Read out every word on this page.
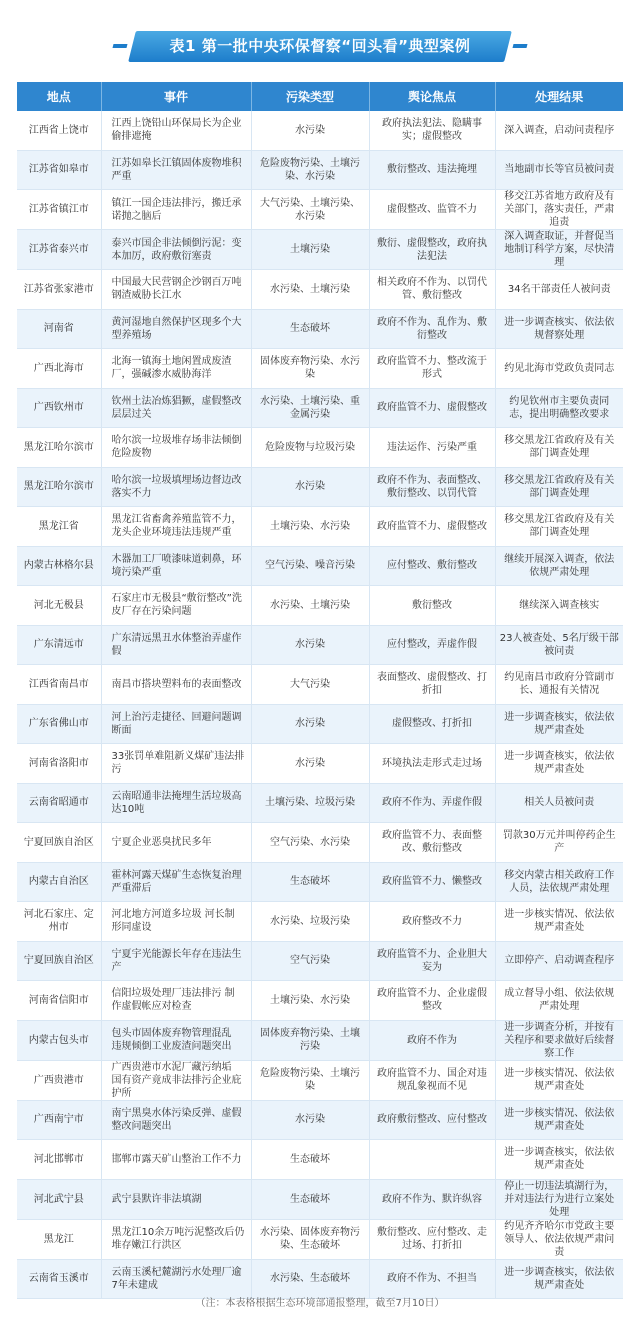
表1 第一批中央环保督察“回头看”典型案例
地点	事件	污染类型	舆论焦点	处理结果
江西省上饶市	江西上饶铅山环保局长为企业偷排遮掩	水污染	政府执法犯法、隐瞒事实；虚假整改	深入调查，启动问责程序
江苏省如皋市	江苏如皋长江镇固体废物堆积严重	危险废物污染、土壤污染、水污染	敷衍整改、违法掩埋	当地副市长等官员被问责
江苏省镇江市	镇江一国企违法排污，搬迁承诺抛之脑后	大气污染、土壤污染、水污染	虚假整改、监管不力	移交江苏省地方政府及有关部门，落实责任，严肃追责
江苏省泰兴市	泰兴市国企非法倾倒污泥：变本加厉，政府敷衍塞责	土壤污染	敷衍、虚假整改，政府执法犯法	深入调查取证，并督促当地制订科学方案，尽快清理
江苏省张家港市	中国最大民营钢企沙钢百万吨钢渣威胁长江水	水污染、土壤污染	相关政府不作为、以罚代管、敷衍整改	34名干部责任人被问责
河南省	黄河湿地自然保护区现多个大型养殖场	生态破坏	政府不作为、乱作为、敷衍整改	进一步调查核实、依法依规督察处理
广西北海市	北海一镇海土地闲置成废渣厂，强碱渗水威胁海洋	固体废弃物污染、水污染	政府监管不力、整改流于形式	约见北海市党政负责同志
广西钦州市	钦州土法冶炼猖獗，虚假整改层层过关	水污染、土壤污染、重金属污染	政府监管不力、虚假整改	约见钦州市主要负责同志，提出明确整改要求
黑龙江哈尔滨市	哈尔滨一垃圾堆存场非法倾倒危险废物	危险废物与垃圾污染	违法运作、污染严重	移交黑龙江省政府及有关部门调查处理
黑龙江哈尔滨市	哈尔滨一垃圾填埋场边督边改落实不力	水污染	政府不作为、表面整改、敷衍整改、以罚代管	移交黑龙江省政府及有关部门调查处理
黑龙江省	黑龙江省畜禽养殖监管不力，龙头企业环境违法违规严重	土壤污染、水污染	政府监管不力、虚假整改	移交黑龙江省政府及有关部门调查处理
内蒙古林格尔县	木器加工厂喷漆味道刺鼻，环境污染严重	空气污染、噪音污染	应付整改、敷衍整改	继续开展深入调查，依法依规严肃处理
河北无极县	石家庄市无极县“敷衍整改”洗皮厂存在污染问题	水污染、土壤污染	敷衍整改	继续深入调查核实
广东清远市	广东清远黑丑水体整治弄虚作假	水污染	应付整改，弄虚作假	23人被查处、5名厅级干部被问责
江西省南昌市	南昌市搭块塑料布的表面整改	大气污染	表面整改、虚假整改、打折扣	约见南昌市政府分管副市长、通报有关情况
广东省佛山市	河上治污走捷径、回避问题调断面	水污染	虚假整改、打折扣	进一步调查核实，依法依规严肃查处
河南省洛阳市	33张罚单难阻新义煤矿违法排污	水污染	环境执法走形式走过场	进一步调查核实，依法依规严肃查处
云南省昭通市	云南昭通非法掩埋生活垃圾高达10吨	土壤污染、垃圾污染	政府不作为、弄虚作假	相关人员被问责
宁夏回族自治区	宁夏企业恶臭扰民多年	空气污染、水污染	政府监管不力、表面整改、敷衍整改	罚款30万元并叫停药企生产
内蒙古自治区	霍林河露天煤矿生态恢复治理严重滞后	生态破坏	政府监管不力、懒整改	移交内蒙古相关政府工作人员，法依规严肃处理
河北石家庄、定州市	河北地方河道多垃圾 河长制形同虚设	水污染、垃圾污染	政府整改不力	进一步核实情况、依法依规严肃查处
宁夏回族自治区	宁夏宇光能源长年存在违法生产	空气污染	政府监管不力、企业胆大妄为	立即停产、启动调查程序
河南省信阳市	信阳垃圾处理厂违法排污 制作虚假帐应对检查	土壤污染、水污染	政府监管不力、企业虚假整改	成立督导小组、依法依规严肃处理
内蒙古包头市	包头市固体废弃物管理混乱 违规倾倒工业废渣问题突出	固体废弃物污染、土壤污染	政府不作为	进一步调查分析，并按有关程序和要求做好后续督察工作
广西贵港市	广西贵港市水泥厂藏污纳垢 国有资产竟成非法排污企业庇护所	危险废物污染、土壤污染	政府监管不力、国企对违规乱象视而不见	进一步核实情况、依法依规严肃查处
广西南宁市	南宁黑臭水体污染反弹、虚假整改问题突出	水污染	政府敷衍整改、应付整改	进一步核实情况、依法依规严肃查处
河北邯郸市	邯郸市露天矿山整治工作不力	生态破坏		进一步调查核实，依法依规严肃查处
河北武宁县	武宁县默许非法填湖	生态破坏	政府不作为、默许纵容	停止一切违法填湖行为，并对违法行为进行立案处处理
黑龙江	黑龙江10余万吨污泥整改后仍堆存嫩江行洪区	水污染、固体废弃物污染、生态破坏	敷衍整改、应付整改、走过场、打折扣	约见齐齐哈尔市党政主要领导人、依法依规严肃问责
云南省玉溪市	云南玉溪杞麓湖污水处理厂逾7年未建成	水污染、生态破坏	政府不作为、不担当	进一步调查核实，依法依规严肃查处
（注：本表格根据生态环境部通报整理，截至7月10日）
